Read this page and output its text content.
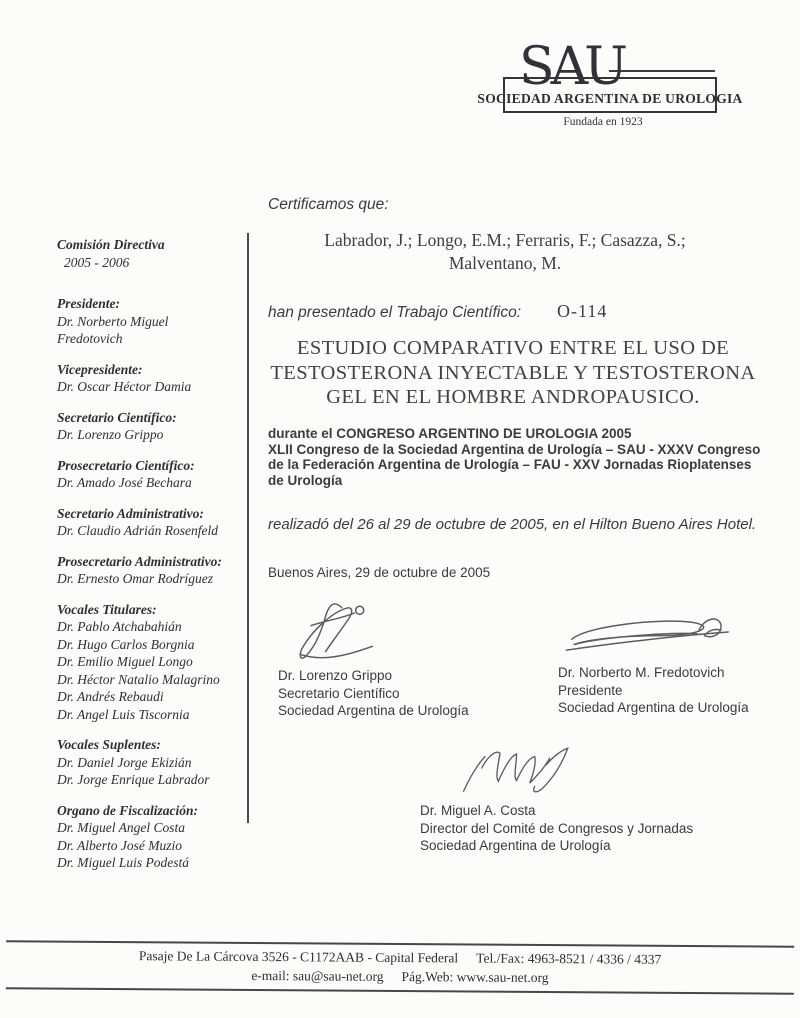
SAU
SOCIEDAD ARGENTINA DE UROLOGIA
Fundada en 1923
Comisión Directiva
2005 - 2006
Presidente:
Dr. Norberto Miguel Fredotovich
Vicepresidente:
Dr. Oscar Héctor Damia
Secretario Científico:
Dr. Lorenzo Grippo
Prosecretario Científico:
Dr. Amado José Bechara
Secretario Administrativo:
Dr. Claudio Adrián Rosenfeld
Prosecretario Administrativo:
Dr. Ernesto Omar Rodríguez
Vocales Titulares:
Dr. Pablo Atchabahián
Dr. Hugo Carlos Borgnia
Dr. Emilio Miguel Longo
Dr. Héctor Natalio Malagrino
Dr. Andrés Rebaudi
Dr. Angel Luis Tiscornia
Vocales Suplentes:
Dr. Daniel Jorge Ekizián
Dr. Jorge Enrique Labrador
Organo de Fiscalización:
Dr. Miguel Angel Costa
Dr. Alberto José Muzio
Dr. Miguel Luis Podestá

Certificamos que:

Labrador, J.; Longo, E.M.; Ferraris, F.; Casazza, S.;
Malventano, M.
han presentado el Trabajo Científico: O-114
ESTUDIO COMPARATIVO ENTRE EL USO DE
TESTOSTERONA INYECTABLE Y TESTOSTERONA
GEL EN EL HOMBRE ANDROPAUSICO.
durante el CONGRESO ARGENTINO DE UROLOGIA 2005
XLII Congreso de la Sociedad Argentina de Urología – SAU - XXXV Congreso
de la Federación Argentina de Urología – FAU - XXV Jornadas Rioplatenses
de Urología

realizadó del 26 al 29 de octubre de 2005, en el Hilton Bueno Aires Hotel.

Buenos Aires, 29 de octubre de 2005

Dr. Lorenzo Grippo
Secretario Científico
Sociedad Argentina de Urología
Dr. Norberto M. Fredotovich
Presidente
Sociedad Argentina de Urología
Dr. Miguel A. Costa
Director del Comité de Congresos y Jornadas
Sociedad Argentina de Urología
Pasaje De La Cárcova 3526 - C1172AAB - Capital Federal Tel./Fax: 4963-8521 / 4336 / 4337
e-mail: sau@sau-net.org Pág.Web: www.sau-net.org
